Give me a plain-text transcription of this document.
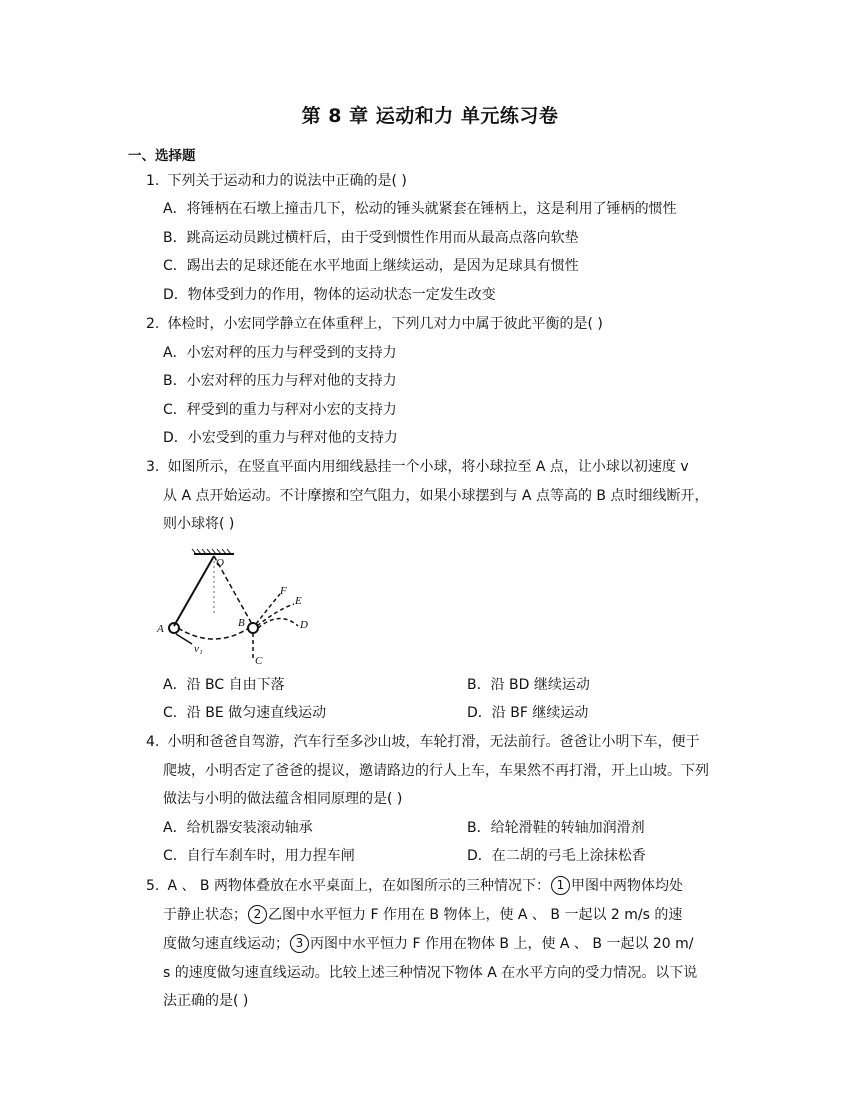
第 8 章 运动和力 单元练习卷
一、选择题
1. 下列关于运动和力的说法中正确的是( )
A．将锤柄在石墩上撞击几下，松动的锤头就紧套在锤柄上，这是利用了锤柄的惯性
B．跳高运动员跳过横杆后，由于受到惯性作用而从最高点落向软垫
C．踢出去的足球还能在水平地面上继续运动，是因为足球具有惯性
D．物体受到力的作用，物体的运动状态一定发生改变
2. 体检时，小宏同学静立在体重秤上，下列几对力中属于彼此平衡的是( )
A．小宏对秤的压力与秤受到的支持力
B．小宏对秤的压力与秤对他的支持力
C．秤受到的重力与秤对小宏的支持力
D．小宏受到的重力与秤对他的支持力
3. 如图所示，在竖直平面内用细线悬挂一个小球，将小球拉至 A 点，让小球以初速度 v
从 A 点开始运动。不计摩擦和空气阻力，如果小球摆到与 A 点等高的 B 点时细线断开，
则小球将( )
O
A	B
C
D
E
F
v₁
A．沿 BC 自由下落	B．沿 BD 继续运动
C．沿 BE 做匀速直线运动	D．沿 BF 继续运动
4. 小明和爸爸自驾游，汽车行至多沙山坡，车轮打滑，无法前行。爸爸让小明下车，便于
爬坡，小明否定了爸爸的提议，邀请路边的行人上车，车果然不再打滑，开上山坡。下列
做法与小明的做法蕴含相同原理的是( )
A．给机器安装滚动轴承	B．给轮滑鞋的转轴加润滑剂
C．自行车刹车时，用力捏车闸	D．在二胡的弓毛上涂抹松香
5. A 、 B 两物体叠放在水平桌面上，在如图所示的三种情况下： 1 甲图中两物体均处
于静止状态； 2 乙图中水平恒力 F 作用在 B 物体上，使 A 、 B 一起以 2 m/s 的速
度做匀速直线运动； 3 丙图中水平恒力 F 作用在物体 B 上，使 A 、 B 一起以 20 m/
s 的速度做匀速直线运动。比较上述三种情况下物体 A 在水平方向的受力情况。以下说
法正确的是( )
